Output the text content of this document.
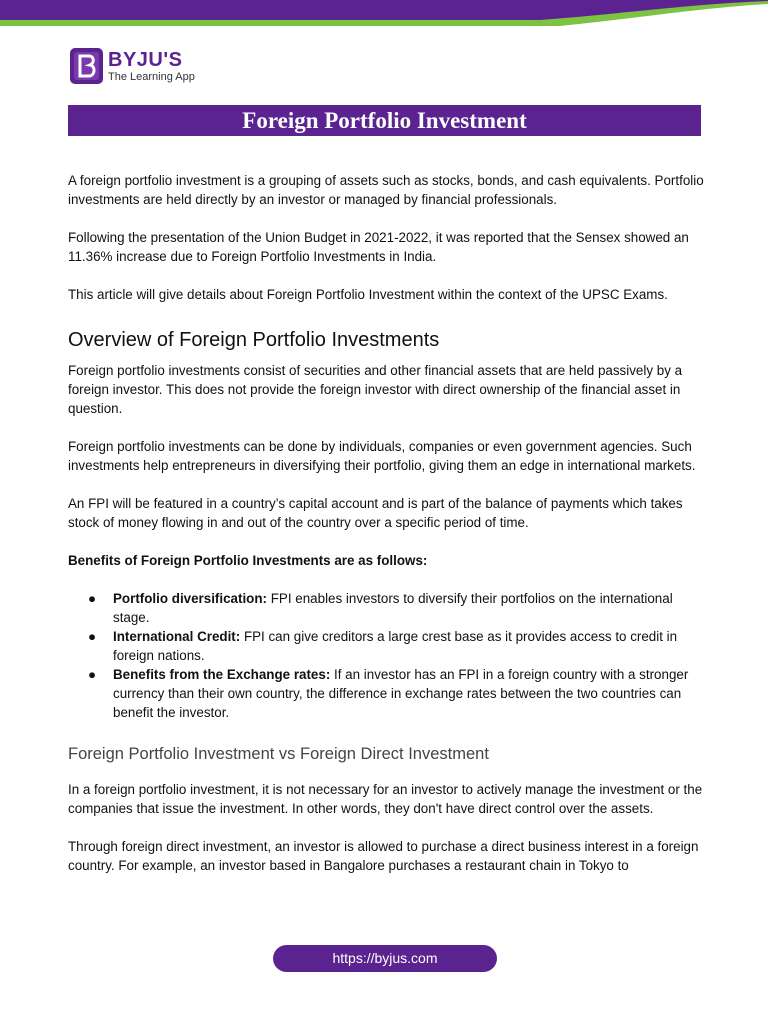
BYJU'S
The Learning App
Foreign Portfolio Investment

A foreign portfolio investment is a grouping of assets such as stocks, bonds, and cash equivalents. Portfolio investments are held directly by an investor or managed by financial professionals.

Following the presentation of the Union Budget in 2021-2022, it was reported that the Sensex showed an 11.36% increase due to Foreign Portfolio Investments in India.

This article will give details about Foreign Portfolio Investment within the context of the UPSC Exams.

Overview of Foreign Portfolio Investments

Foreign portfolio investments consist of securities and other financial assets that are held passively by a foreign investor. This does not provide the foreign investor with direct ownership of the financial asset in question.

Foreign portfolio investments can be done by individuals, companies or even government agencies. Such investments help entrepreneurs in diversifying their portfolio, giving them an edge in international markets.

An FPI will be featured in a country’s capital account and is part of the balance of payments which takes stock of money flowing in and out of the country over a specific period of time.

Benefits of Foreign Portfolio Investments are as follows:

● Portfolio diversification: FPI enables investors to diversify their portfolios on the international stage.
● International Credit: FPI can give creditors a large crest base as it provides access to credit in foreign nations.
● Benefits from the Exchange rates: If an investor has an FPI in a foreign country with a stronger currency than their own country, the difference in exchange rates between the two countries can benefit the investor.
Foreign Portfolio Investment vs Foreign Direct Investment

In a foreign portfolio investment, it is not necessary for an investor to actively manage the investment or the companies that issue the investment. In other words, they don't have direct control over the assets.

Through foreign direct investment, an investor is allowed to purchase a direct business interest in a foreign country. For example, an investor based in Bangalore purchases a restaurant chain in Tokyo to

https://byjus.com
